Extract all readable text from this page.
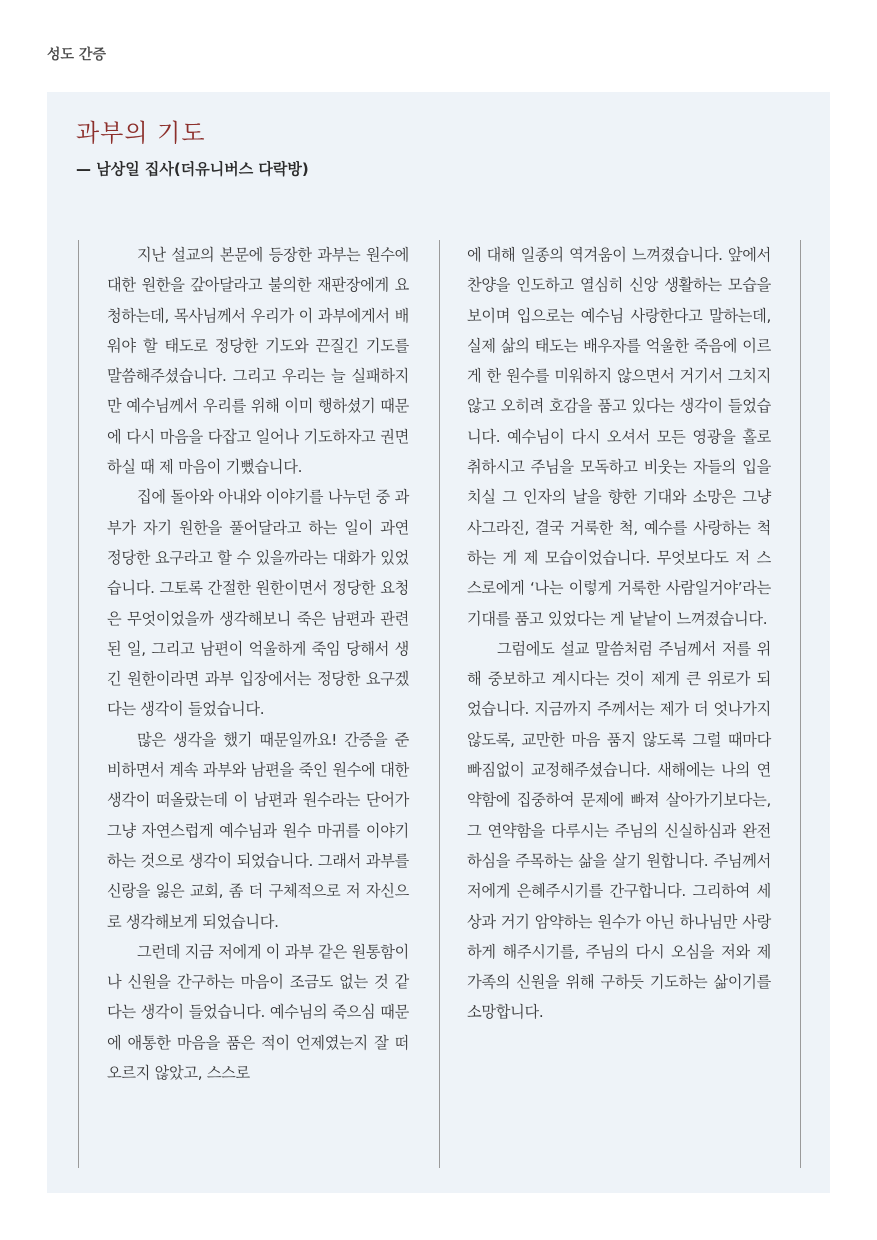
성도 간증
과부의 기도
— 남상일 집사(더유니버스 다락방)

지난 설교의 본문에 등장한 과부는 원수에 대한 원한을 갚아달라고 불의한 재판장에게 요청하는데, 목사님께서 우리가 이 과부에게서 배워야 할 태도로 정당한 기도와 끈질긴 기도를 말씀해주셨습니다. 그리고 우리는 늘 실패하지만 예수님께서 우리를 위해 이미 행하셨기 때문에 다시 마음을 다잡고 일어나 기도하자고 권면하실 때 제 마음이 기뻤습니다.

집에 돌아와 아내와 이야기를 나누던 중 과부가 자기 원한을 풀어달라고 하는 일이 과연 정당한 요구라고 할 수 있을까라는 대화가 있었습니다. 그토록 간절한 원한이면서 정당한 요청은 무엇이었을까 생각해보니 죽은 남편과 관련된 일, 그리고 남편이 억울하게 죽임 당해서 생긴 원한이라면 과부 입장에서는 정당한 요구겠다는 생각이 들었습니다.

많은 생각을 했기 때문일까요! 간증을 준비하면서 계속 과부와 남편을 죽인 원수에 대한 생각이 떠올랐는데 이 남편과 원수라는 단어가 그냥 자연스럽게 예수님과 원수 마귀를 이야기하는 것으로 생각이 되었습니다. 그래서 과부를 신랑을 잃은 교회, 좀 더 구체적으로 저 자신으로 생각해보게 되었습니다.

그런데 지금 저에게 이 과부 같은 원통함이나 신원을 간구하는 마음이 조금도 없는 것 같다는 생각이 들었습니다. 예수님의 죽으심 때문에 애통한 마음을 품은 적이 언제였는지 잘 떠오르지 않았고, 스스로

에 대해 일종의 역겨움이 느껴졌습니다. 앞에서 찬양을 인도하고 열심히 신앙 생활하는 모습을 보이며 입으로는 예수님 사랑한다고 말하는데, 실제 삶의 태도는 배우자를 억울한 죽음에 이르게 한 원수를 미워하지 않으면서 거기서 그치지 않고 오히려 호감을 품고 있다는 생각이 들었습니다. 예수님이 다시 오셔서 모든 영광을 홀로 취하시고 주님을 모독하고 비웃는 자들의 입을 치실 그 인자의 날을 향한 기대와 소망은 그냥 사그라진, 결국 거룩한 척, 예수를 사랑하는 척하는 게 제 모습이었습니다. 무엇보다도 저 스스로에게 ‘나는 이렇게 거룩한 사람일거야’라는 기대를 품고 있었다는 게 낱낱이 느껴졌습니다.

그럼에도 설교 말씀처럼 주님께서 저를 위해 중보하고 계시다는 것이 제게 큰 위로가 되었습니다. 지금까지 주께서는 제가 더 엇나가지 않도록, 교만한 마음 품지 않도록 그럴 때마다 빠짐없이 교정해주셨습니다. 새해에는 나의 연약함에 집중하여 문제에 빠져 살아가기보다는, 그 연약함을 다루시는 주님의 신실하심과 완전하심을 주목하는 삶을 살기 원합니다. 주님께서 저에게 은혜주시기를 간구합니다. 그리하여 세상과 거기 암약하는 원수가 아닌 하나님만 사랑하게 해주시기를, 주님의 다시 오심을 저와 제 가족의 신원을 위해 구하듯 기도하는 삶이기를 소망합니다.
